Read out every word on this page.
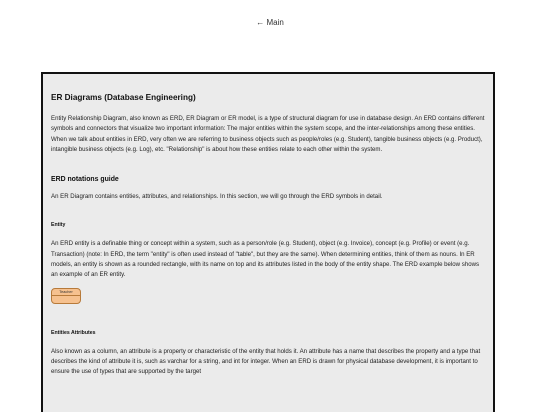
← Main
ER Diagrams (Database Engineering)

Entity Relationship Diagram, also known as ERD, ER Diagram or ER model, is a type of structural diagram for use in database design. An ERD contains different symbols and connectors that visualize two important information: The major entities within the system scope, and the inter-relationships among these entities.

When we talk about entities in ERD, very often we are referring to business objects such as people/roles (e.g. Student), tangible business objects (e.g. Product), intangible business objects (e.g. Log), etc. "Relationship" is about how these entities relate to each other within the system.

ERD notations guide

An ER Diagram contains entities, attributes, and relationships. In this section, we will go through the ERD symbols in detail.

Entity

An ERD entity is a definable thing or concept within a system, such as a person/role (e.g. Student), object (e.g. Invoice), concept (e.g. Profile) or event (e.g. Transaction) (note: In ERD, the term "entity" is often used instead of "table", but they are the same). When determining entities, think of them as nouns. In ER models, an entity is shown as a rounded rectangle, with its name on top and its attributes listed in the body of the entity shape. The ERD example below shows an example of an ER entity.

Teacher
Entities Attributes

Also known as a column, an attribute is a property or characteristic of the entity that holds it. An attribute has a name that describes the property and a type that describes the kind of attribute it is, such as varchar for a string, and int for integer. When an ERD is drawn for physical database development, it is important to ensure the use of types that are supported by the target
